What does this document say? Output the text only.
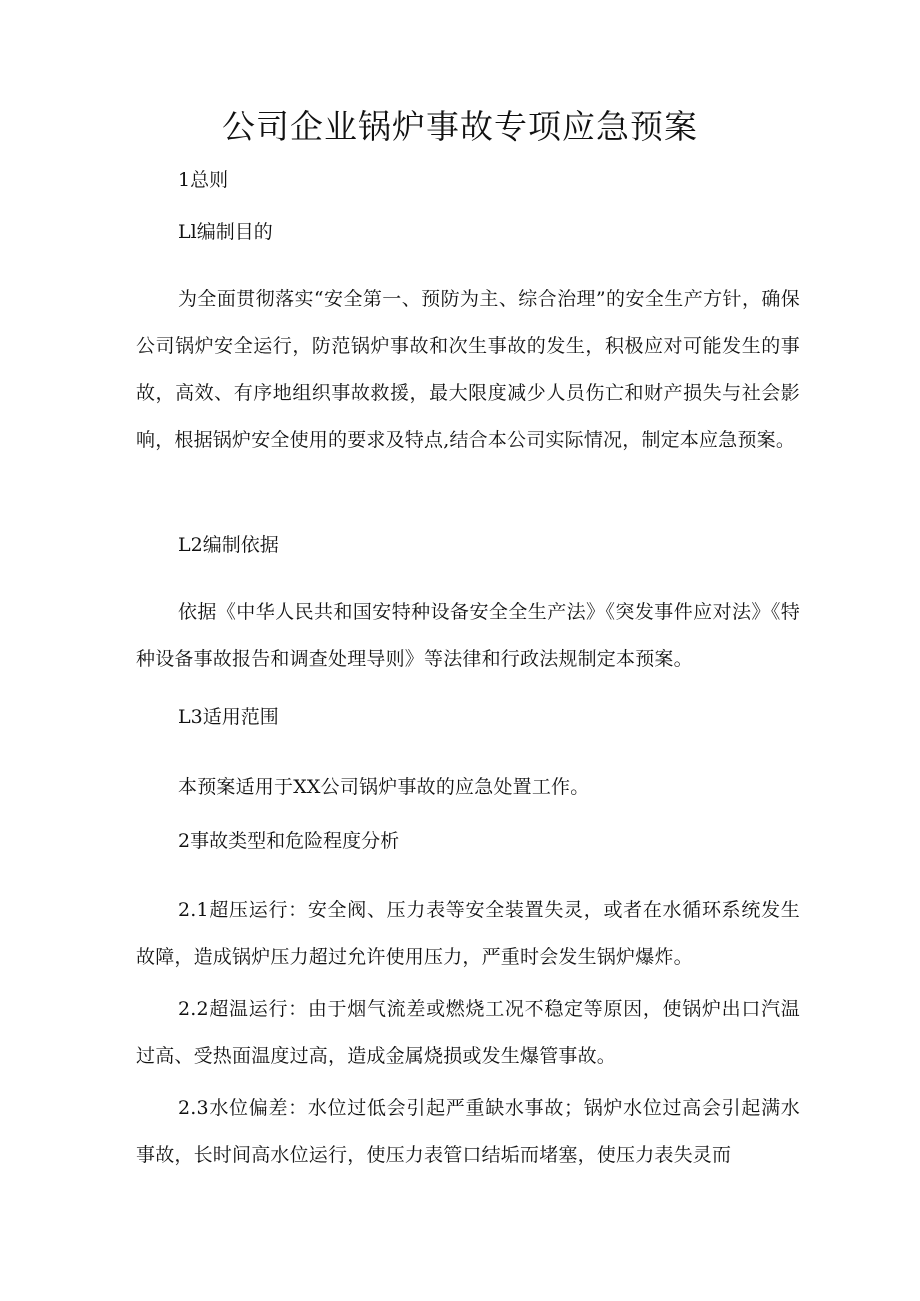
公司企业锅炉事故专项应急预案
1总则
Ll编制目的

为全面贯彻落实“安全第一、预防为主、综合治理”的安全生产方针，确保公司锅炉安全运行，防范锅炉事故和次生事故的发生，积极应对可能发生的事故，高效、有序地组织事故救援，最大限度减少人员伤亡和财产损失与社会影响，根据锅炉安全使用的要求及特点,结合本公司实际情况，制定本应急预案。

L2编制依据

依据《中华人民共和国安特种设备安全全生产法》《突发事件应对法》《特种设备事故报告和调查处理导则》等法律和行政法规制定本预案。

L3适用范围

本预案适用于XX公司锅炉事故的应急处置工作。

2事故类型和危险程度分析

2.1超压运行：安全阀、压力表等安全装置失灵，或者在水循环系统发生故障，造成锅炉压力超过允许使用压力，严重时会发生锅炉爆炸。

2.2超温运行：由于烟气流差或燃烧工况不稳定等原因，使锅炉出口汽温过高、受热面温度过高，造成金属烧损或发生爆管事故。

2.3水位偏差：水位过低会引起严重缺水事故；锅炉水位过高会引起满水事故，长时间高水位运行，使压力表管口结垢而堵塞，使压力表失灵而
